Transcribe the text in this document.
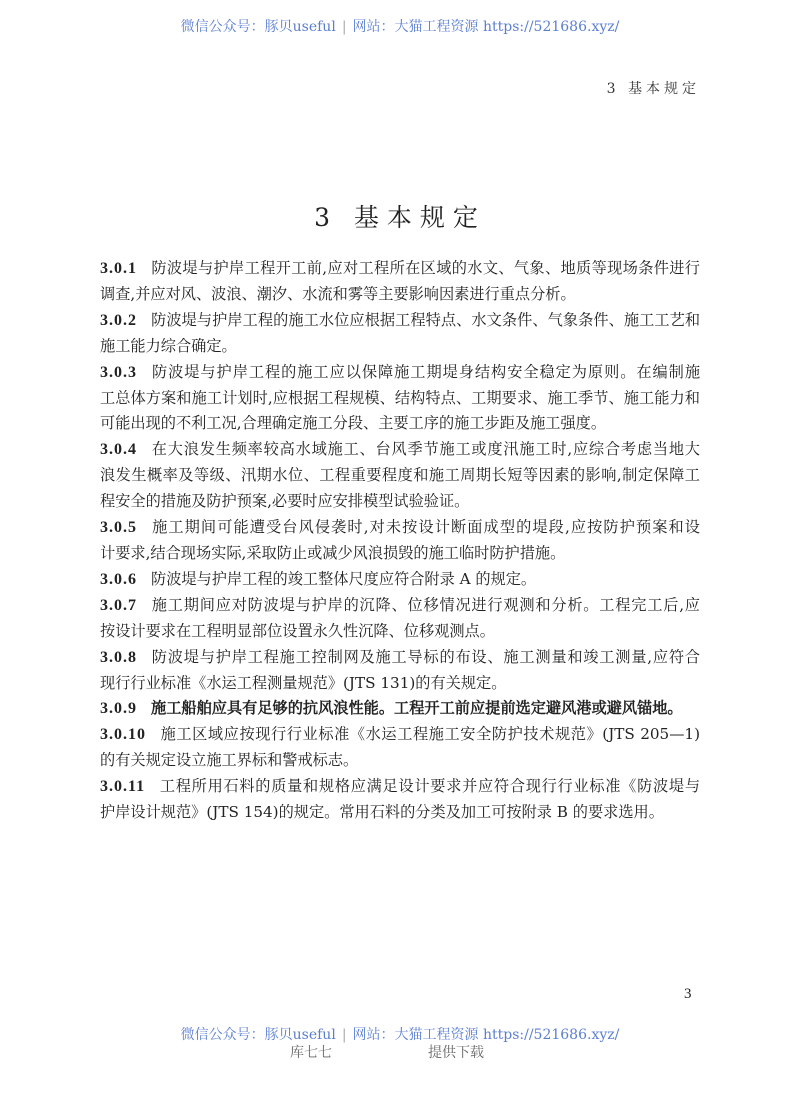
微信公众号：豚贝useful | 网站：大猫工程资源 https://521686.xyz/
3 基本规定
3 基本规定
3.0.1 防波堤与护岸工程开工前,应对工程所在区域的水文、气象、地质等现场条件进行
调查,并应对风、波浪、潮汐、水流和雾等主要影响因素进行重点分析。
3.0.2 防波堤与护岸工程的施工水位应根据工程特点、水文条件、气象条件、施工工艺和
施工能力综合确定。
3.0.3 防波堤与护岸工程的施工应以保障施工期堤身结构安全稳定为原则。在编制施
工总体方案和施工计划时,应根据工程规模、结构特点、工期要求、施工季节、施工能力和
可能出现的不利工况,合理确定施工分段、主要工序的施工步距及施工强度。
3.0.4 在大浪发生频率较高水域施工、台风季节施工或度汛施工时,应综合考虑当地大
浪发生概率及等级、汛期水位、工程重要程度和施工周期长短等因素的影响,制定保障工
程安全的措施及防护预案,必要时应安排模型试验验证。
3.0.5 施工期间可能遭受台风侵袭时,对未按设计断面成型的堤段,应按防护预案和设
计要求,结合现场实际,采取防止或减少风浪损毁的施工临时防护措施。
3.0.6 防波堤与护岸工程的竣工整体尺度应符合附录 A 的规定。
3.0.7 施工期间应对防波堤与护岸的沉降、位移情况进行观测和分析。工程完工后,应
按设计要求在工程明显部位设置永久性沉降、位移观测点。
3.0.8 防波堤与护岸工程施工控制网及施工导标的布设、施工测量和竣工测量,应符合
现行行业标准《水运工程测量规范》(JTS 131)的有关规定。
3.0.9 施工船舶应具有足够的抗风浪性能。工程开工前应提前选定避风港或避风锚地。
3.0.10 施工区域应按现行行业标准《水运工程施工安全防护技术规范》(JTS 205—1)
的有关规定设立施工界标和警戒标志。
3.0.11 工程所用石料的质量和规格应满足设计要求并应符合现行行业标准《防波堤与
护岸设计规范》(JTS 154)的规定。常用石料的分类及加工可按附录 B 的要求选用。
3
微信公众号：豚贝useful | 网站：大猫工程资源 https://521686.xyz/
库七七	提供下载
